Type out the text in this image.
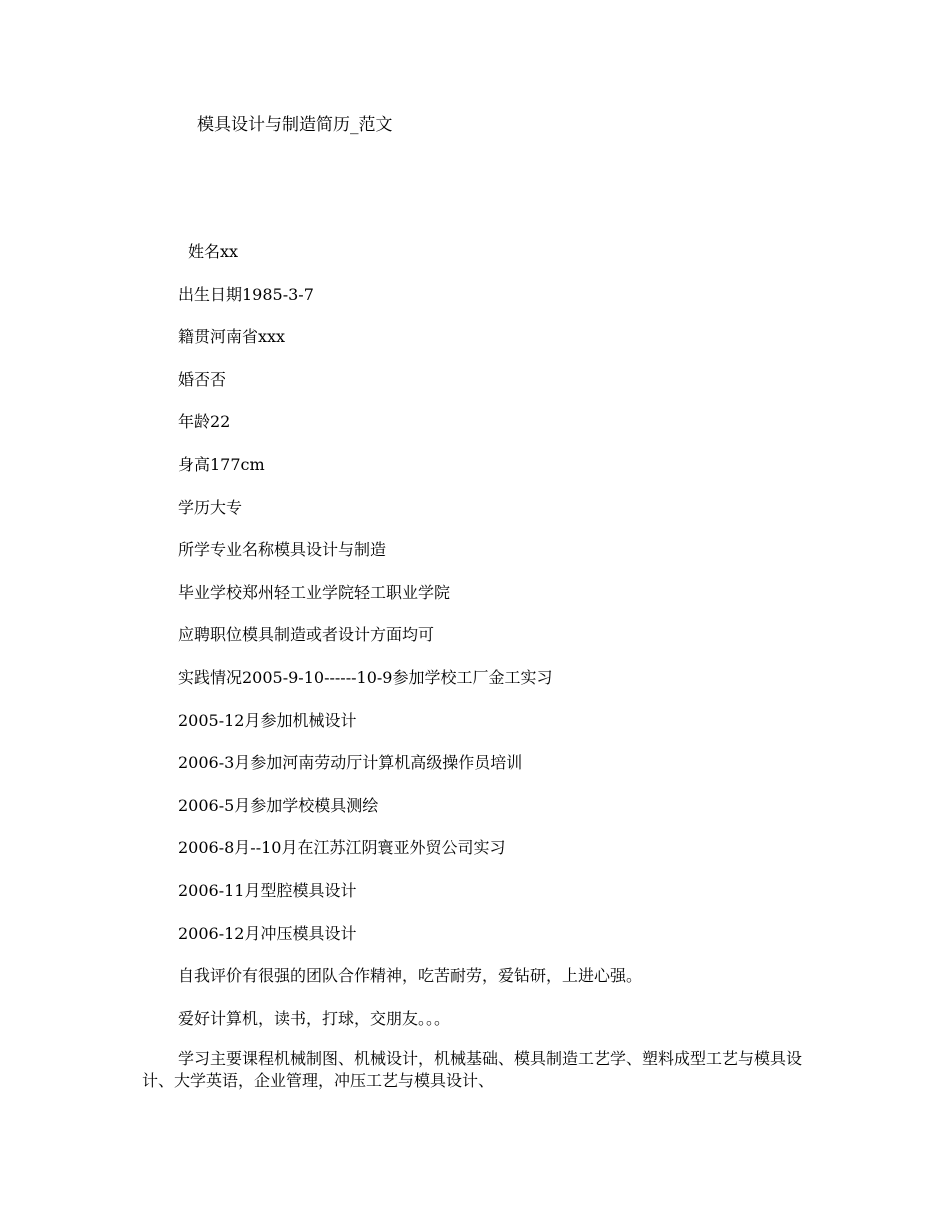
模具设计与制造简历_范文
姓名xx
出生日期1985-3-7
籍贯河南省xxx
婚否否
年龄22
身高177cm
学历大专
所学专业名称模具设计与制造
毕业学校郑州轻工业学院轻工职业学院
应聘职位模具制造或者设计方面均可
实践情况2005-9-10------10-9参加学校工厂金工实习
2005-12月参加机械设计
2006-3月参加河南劳动厅计算机高级操作员培训
2006-5月参加学校模具测绘
2006-8月--10月在江苏江阴寰亚外贸公司实习
2006-11月型腔模具设计
2006-12月冲压模具设计
自我评价有很强的团队合作精神，吃苦耐劳，爱钻研，上进心强。
爱好计算机，读书，打球，交朋友。。。
学习主要课程机械制图、机械设计，机械基础、模具制造工艺学、塑料成型工艺与模具设计、大学英语，企业管理，冲压工艺与模具设计、
